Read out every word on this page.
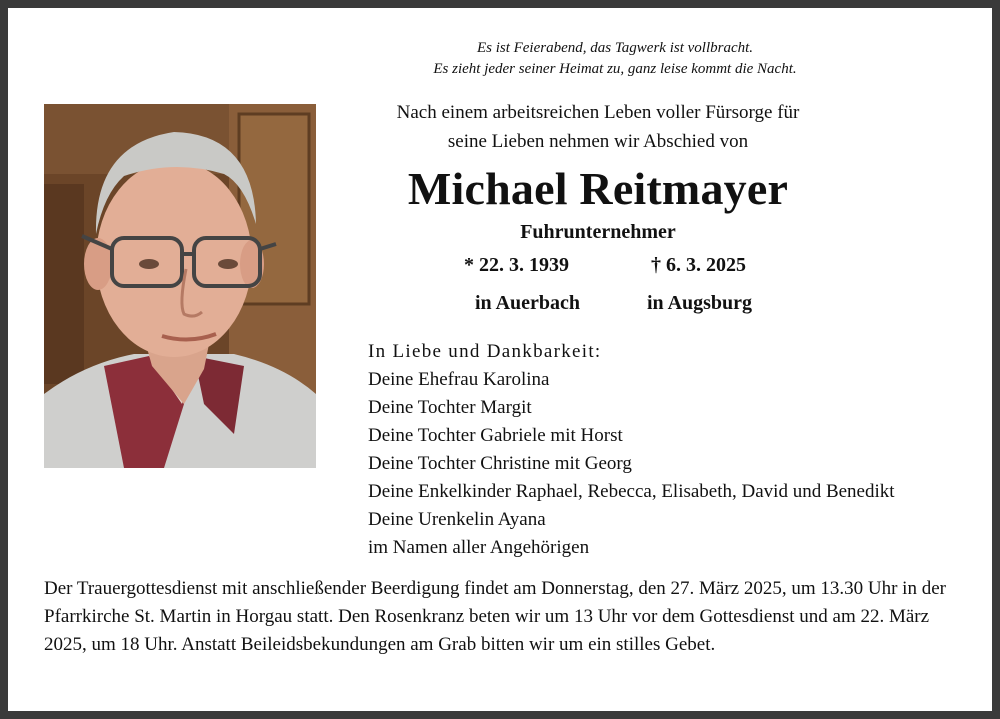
Es ist Feierabend, das Tagwerk ist vollbracht.
Es zieht jeder seiner Heimat zu, ganz leise kommt die Nacht.
Nach einem arbeitsreichen Leben voller Fürsorge für
seine Lieben nehmen wir Abschied von
Michael Reitmayer
Fuhrunternehmer
* 22. 3. 1939	† 6. 3. 2025
in Auerbach	in Augsburg
In Liebe und Dankbarkeit:
Deine Ehefrau Karolina
Deine Tochter Margit
Deine Tochter Gabriele mit Horst
Deine Tochter Christine mit Georg
Deine Enkelkinder Raphael, Rebecca, Elisabeth, David und Benedikt
Deine Urenkelin Ayana
im Namen aller Angehörigen
Der Trauergottesdienst mit anschließender Beerdigung findet am Donnerstag, den 27. März 2025, um 13.30 Uhr in der Pfarrkirche St. Martin in Horgau statt. Den Rosenkranz beten wir um 13 Uhr vor dem Gottesdienst und am 22. März 2025, um 18 Uhr. Anstatt Beileidsbekundungen am Grab bitten wir um ein stilles Gebet.
